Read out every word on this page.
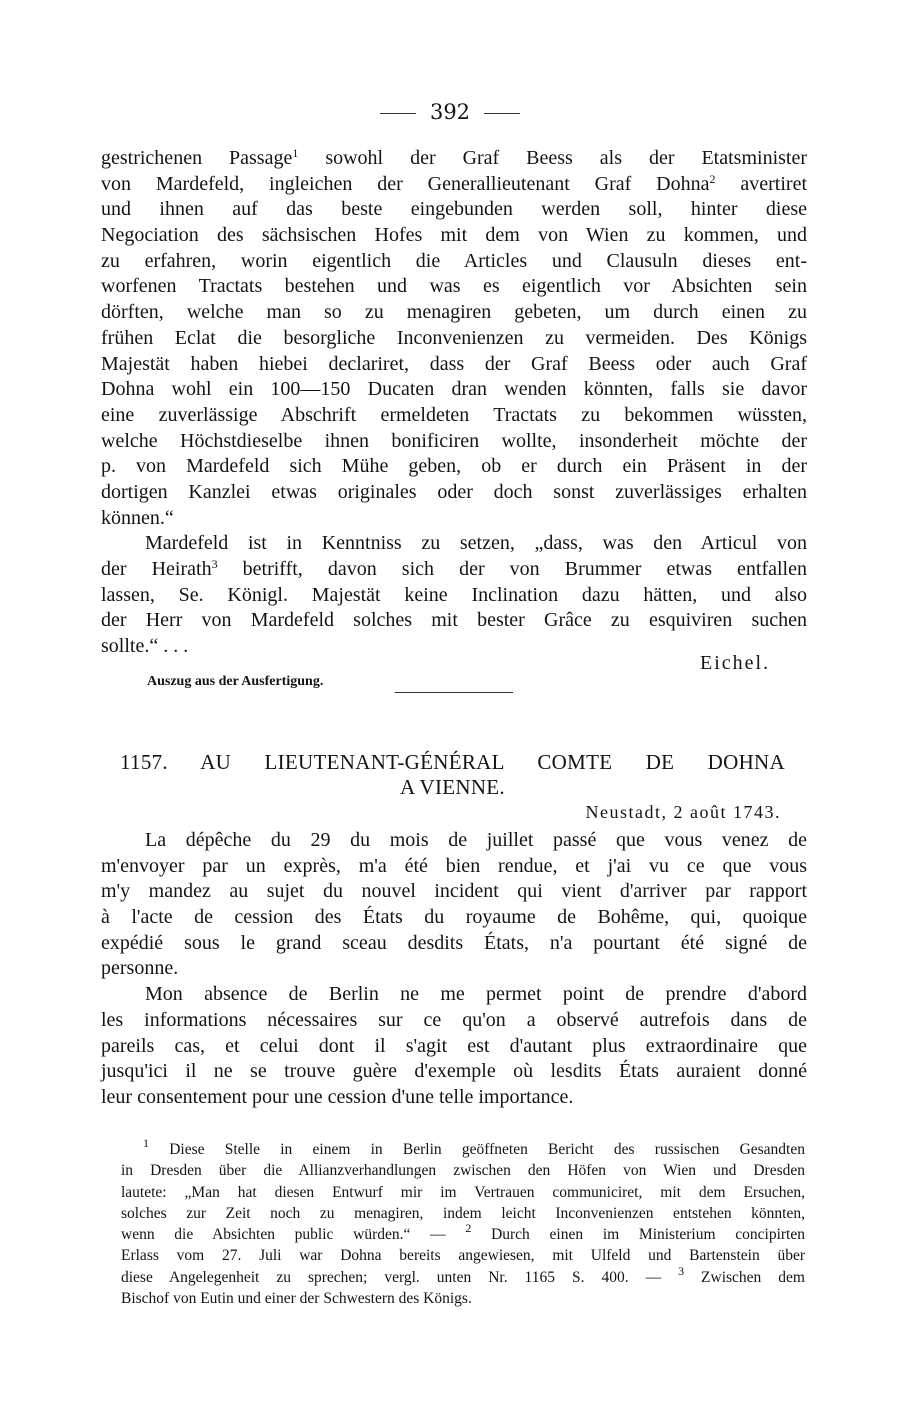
392
gestrichenen Passage$^1$ sowohl der Graf Beess als der Etatsminister
von Mardefeld, ingleichen der Generallieutenant Graf Dohna$^2$ avertiret
und ihnen auf das beste eingebunden werden soll, hinter diese
Negociation des sächsischen Hofes mit dem von Wien zu kommen, und
zu erfahren, worin eigentlich die Articles und Clausuln dieses ent-
worfenen Tractats bestehen und was es eigentlich vor Absichten sein
dörften, welche man so zu menagiren gebeten, um durch einen zu
frühen Eclat die besorgliche Inconvenienzen zu vermeiden. Des Königs
Majestät haben hiebei declariret, dass der Graf Beess oder auch Graf
Dohna wohl ein 100—150 Ducaten dran wenden könnten, falls sie davor
eine zuverlässige Abschrift ermeldeten Tractats zu bekommen wüssten,
welche Höchstdieselbe ihnen bonificiren wollte, insonderheit möchte der
p. von Mardefeld sich Mühe geben, ob er durch ein Präsent in der
dortigen Kanzlei etwas originales oder doch sonst zuverlässiges erhalten
können.“
Mardefeld ist in Kenntniss zu setzen, „dass, was den Articul von
der Heirath$^3$ betrifft, davon sich der von Brummer etwas entfallen
lassen, Se. Königl. Majestät keine Inclination dazu hätten, und also
der Herr von Mardefeld solches mit bester Grâce zu esquiviren suchen
sollte.“ . . .
Eichel.
Auszug aus der Ausfertigung.
1157. AU LIEUTENANT-GÉNÉRAL COMTE DE DOHNA
A VIENNE.
Neustadt, 2 août 1743.
La dépêche du 29 du mois de juillet passé que vous venez de
m'envoyer par un exprès, m'a été bien rendue, et j'ai vu ce que vous
m'y mandez au sujet du nouvel incident qui vient d'arriver par rapport
à l'acte de cession des États du royaume de Bohême, qui, quoique
expédié sous le grand sceau desdits États, n'a pourtant été signé de
personne.
Mon absence de Berlin ne me permet point de prendre d'abord
les informations nécessaires sur ce qu'on a observé autrefois dans de
pareils cas, et celui dont il s'agit est d'autant plus extraordinaire que
jusqu'ici il ne se trouve guère d'exemple où lesdits États auraient donné
leur consentement pour une cession d'une telle importance.
$^1$ Diese Stelle in einem in Berlin geöffneten Bericht des russischen Gesandten
in Dresden über die Allianzverhandlungen zwischen den Höfen von Wien und Dresden
lautete: „Man hat diesen Entwurf mir im Vertrauen communiciret, mit dem Ersuchen,
solches zur Zeit noch zu menagiren, indem leicht Inconvenienzen entstehen könnten,
wenn die Absichten public würden.“ — $^2$ Durch einen im Ministerium concipirten
Erlass vom 27. Juli war Dohna bereits angewiesen, mit Ulfeld und Bartenstein über
diese Angelegenheit zu sprechen; vergl. unten Nr. 1165 S. 400. — $^3$ Zwischen dem
Bischof von Eutin und einer der Schwestern des Königs.
